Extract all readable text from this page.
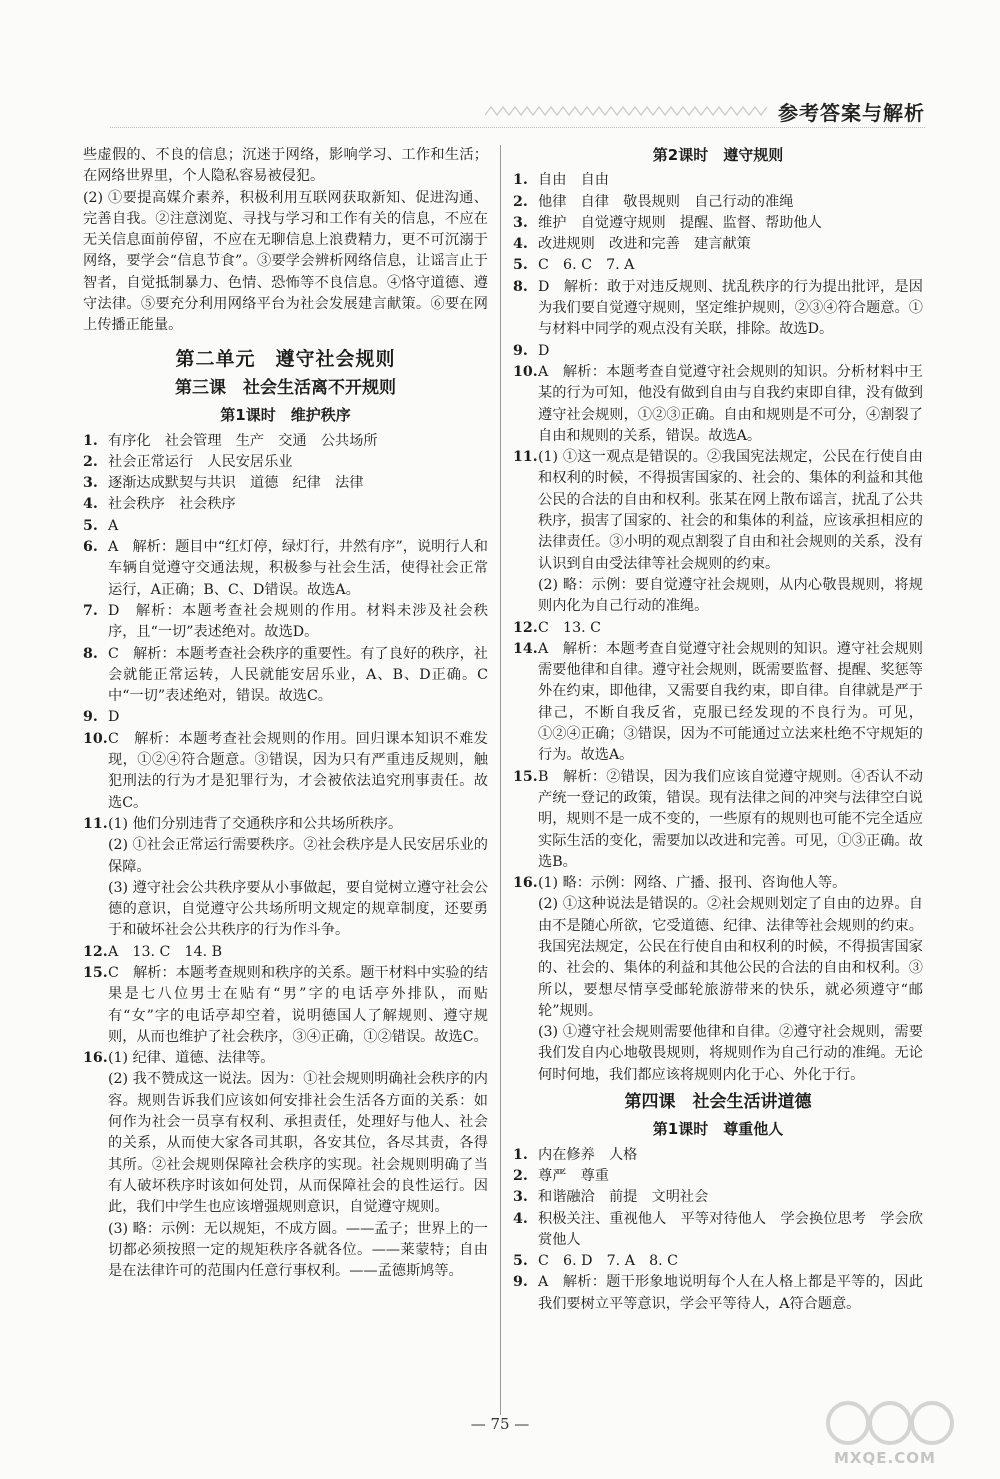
参考答案与解析
些虚假的、不良的信息；沉迷于网络，影响学习、工作和生活；在网络世界里，个人隐私容易被侵犯。
(2) ①要提高媒介素养，积极利用互联网获取新知、促进沟通、完善自我。②注意浏览、寻找与学习和工作有关的信息，不应在无关信息面前停留，不应在无聊信息上浪费精力，更不可沉溺于网络，要学会“信息节食”。③要学会辨析网络信息，让谣言止于智者，自觉抵制暴力、色情、恐怖等不良信息。④恪守道德、遵守法律。⑤要充分利用网络平台为社会发展建言献策。⑥要在网上传播正能量。
第二单元　遵守社会规则
第三课　社会生活离不开规则
第1课时　维护秩序
1. 有序化　社会管理　生产　交通　公共场所
2. 社会正常运行　人民安居乐业
3. 逐渐达成默契与共识　道德　纪律　法律
4. 社会秩序　社会秩序
5. A
6. A　解析：题目中“红灯停，绿灯行，井然有序”，说明行人和车辆自觉遵守交通法规，积极参与社会生活，使得社会正常运行，A正确；B、C、D错误。故选A。
7. D　解析：本题考查社会规则的作用。材料未涉及社会秩序，且“一切”表述绝对。故选D。
8. C　解析：本题考查社会秩序的重要性。有了良好的秩序，社会就能正常运转，人民就能安居乐业，A、B、D正确。C中“一切”表述绝对，错误。故选C。
9. D
10. C　解析：本题考查社会规则的作用。回归课本知识不难发现，①②④符合题意。③错误，因为只有严重违反规则，触犯刑法的行为才是犯罪行为，才会被依法追究刑事责任。故选C。
11. (1) 他们分别违背了交通秩序和公共场所秩序。
(2) ①社会正常运行需要秩序。②社会秩序是人民安居乐业的保障。
(3) 遵守社会公共秩序要从小事做起，要自觉树立遵守社会公德的意识，自觉遵守公共场所明文规定的规章制度，还要勇于和破坏社会公共秩序的行为作斗争。
12. A　13. C　14. B
15. C　解析：本题考查规则和秩序的关系。题干材料中实验的结果是七八位男士在贴有“男”字的电话亭外排队，而贴有“女”字的电话亭却空着，说明德国人了解规则、遵守规则，从而也维护了社会秩序，③④正确，①②错误。故选C。
16. (1) 纪律、道德、法律等。
(2) 我不赞成这一说法。因为：①社会规则明确社会秩序的内容。规则告诉我们应该如何安排社会生活各方面的关系：如何作为社会一员享有权利、承担责任，处理好与他人、社会的关系，从而使大家各司其职，各安其位，各尽其责，各得其所。②社会规则保障社会秩序的实现。社会规则明确了当有人破坏秩序时该如何处罚，从而保障社会的良性运行。因此，我们中学生也应该增强规则意识，自觉遵守规则。
(3) 略：示例：无以规矩，不成方圆。——孟子；世界上的一切都必须按照一定的规矩秩序各就各位。——莱蒙特；自由是在法律许可的范围内任意行事权利。——孟德斯鸠等。
第2课时　遵守规则
1. 自由　自由
2. 他律　自律　敬畏规则　自己行动的准绳
3. 维护　自觉遵守规则　提醒、监督、帮助他人
4. 改进规则　改进和完善　建言献策
5. C　6. C　7. A
8. D　解析：敢于对违反规则、扰乱秩序的行为提出批评，是因为我们要自觉遵守规则，坚定维护规则，②③④符合题意。①与材料中同学的观点没有关联，排除。故选D。
9. D
10. A　解析：本题考查自觉遵守社会规则的知识。分析材料中王某的行为可知，他没有做到自由与自我约束即自律，没有做到遵守社会规则，①②③正确。自由和规则是不可分，④割裂了自由和规则的关系，错误。故选A。
11. (1) ①这一观点是错误的。②我国宪法规定，公民在行使自由和权利的时候，不得损害国家的、社会的、集体的利益和其他公民的合法的自由和权利。张某在网上散布谣言，扰乱了公共秩序，损害了国家的、社会的和集体的利益，应该承担相应的法律责任。③小明的观点割裂了自由和社会规则的关系，没有认识到自由受法律等社会规则的约束。
(2) 略：示例：要自觉遵守社会规则，从内心敬畏规则，将规则内化为自己行动的准绳。
12. C　13. C
14. A　解析：本题考查自觉遵守社会规则的知识。遵守社会规则需要他律和自律。遵守社会规则，既需要监督、提醒、奖惩等外在约束，即他律，又需要自我约束，即自律。自律就是严于律己，不断自我反省，克服已经发现的不良行为。可见，①②④正确；③错误，因为不可能通过立法来杜绝不守规矩的行为。故选A。
15. B　解析：②错误，因为我们应该自觉遵守规则。④否认不动产统一登记的政策，错误。现有法律之间的冲突与法律空白说明，规则不是一成不变的，一些原有的规则也可能不完全适应实际生活的变化，需要加以改进和完善。可见，①③正确。故选B。
16. (1) 略：示例：网络、广播、报刊、咨询他人等。
(2) ①这种说法是错误的。②社会规则划定了自由的边界。自由不是随心所欲，它受道德、纪律、法律等社会规则的约束。我国宪法规定，公民在行使自由和权利的时候，不得损害国家的、社会的、集体的利益和其他公民的合法的自由和权利。③所以，要想尽情享受邮轮旅游带来的快乐，就必须遵守“邮轮”规则。
(3) ①遵守社会规则需要他律和自律。②遵守社会规则，需要我们发自内心地敬畏规则，将规则作为自己行动的准绳。无论何时何地，我们都应该将规则内化于心、外化于行。
第四课　社会生活讲道德
第1课时　尊重他人
1. 内在修养　人格
2. 尊严　尊重
3. 和谐融洽　前提　文明社会
4. 积极关注、重视他人　平等对待他人　学会换位思考　学会欣赏他人
5. C　6. D　7. A　8. C
9. A　解析：题干形象地说明每个人在人格上都是平等的，因此我们要树立平等意识，学会平等待人，A符合题意。
— 75 —
MXQE.COM
